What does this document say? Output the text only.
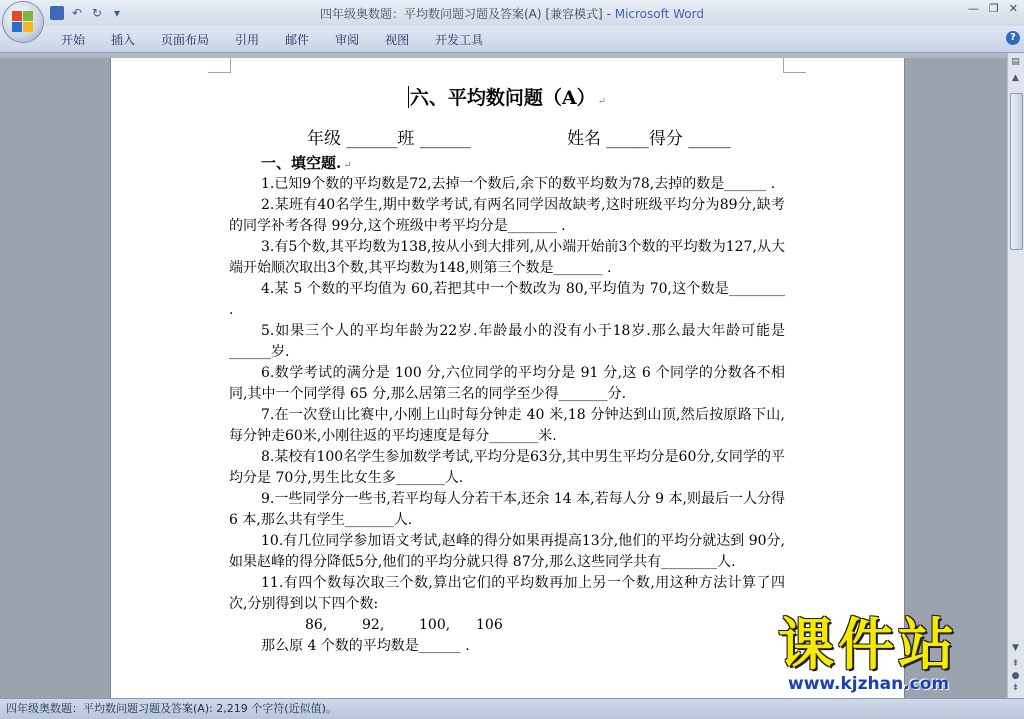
↶ ↻ ▾	四年级奥数题：平均数问题习题及答案(A) [兼容模式] - Microsoft Word	— ❐ ✕
开始	插入	页面布局	引用	邮件	审阅	视图	开发工具	?
六、平均数问题（A） ↵
年级 ______班 ______	姓名 _____得分 _____
一、填空题. ↵
1.已知9个数的平均数是72,去掉一个数后,余下的数平均数为78,去掉的数是______ .
2.某班有40名学生,期中数学考试,有两名同学因故缺考,这时班级平均分为89分,缺考的同学补考各得 99分,这个班级中考平均分是_______ .
3.有5个数,其平均数为138,按从小到大排列,从小端开始前3个数的平均数为127,从大端开始顺次取出3个数,其平均数为148,则第三个数是_______ .
4.某 5 个数的平均值为 60,若把其中一个数改为 80,平均值为 70,这个数是________ .
5.如果三个人的平均年龄为22岁.年龄最小的没有小于18岁.那么最大年龄可能是______岁.
6.数学考试的满分是 100 分,六位同学的平均分是 91 分,这 6 个同学的分数各不相同,其中一个同学得 65 分,那么居第三名的同学至少得_______分.
7.在一次登山比赛中,小刚上山时每分钟走 40 米,18 分钟达到山顶,然后按原路下山,每分钟走60米,小刚往返的平均速度是每分_______米.
8.某校有100名学生参加数学考试,平均分是63分,其中男生平均分是60分,女同学的平均分是 70分,男生比女生多_______人.
9.一些同学分一些书,若平均每人分若干本,还余 14 本,若每人分 9 本,则最后一人分得 6 本,那么共有学生_______人.
10.有几位同学参加语文考试,赵峰的得分如果再提高13分,他们的平均分就达到 90分,如果赵峰的得分降低5分,他们的平均分就只得 87分,那么这些同学共有________人.
11.有四个数每次取三个数,算出它们的平均数再加上另一个数,用这种方法计算了四次,分别得到以下四个数:
86, 92, 100, 106
那么原 4 个数的平均数是______ .
▤
▲
▼
⇞
●
⇟
课件站
www.kjzhan.com
四年级奥数题：平均数问题习题及答案(A): 2,219 个字符(近似值)。
